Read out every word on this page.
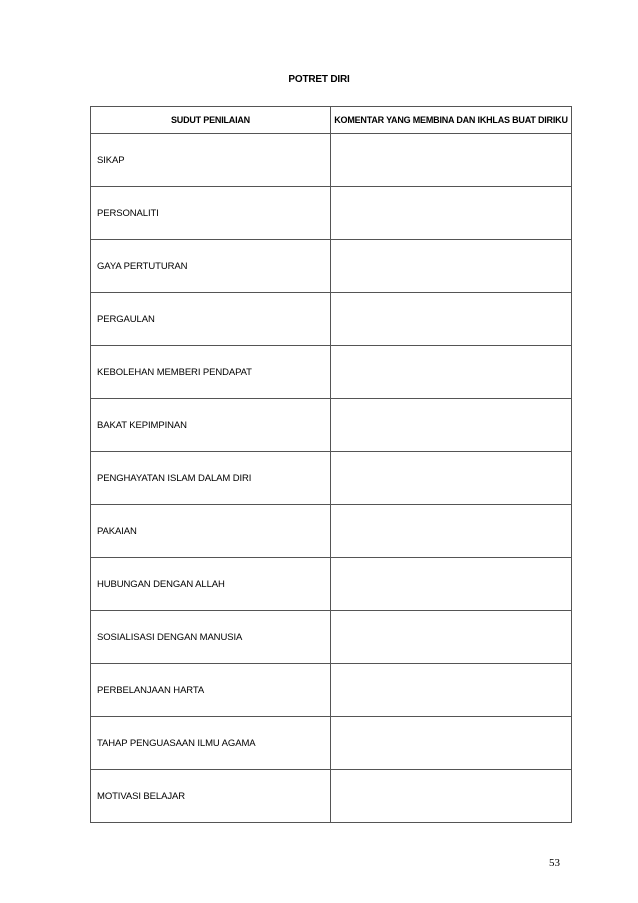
POTRET DIRI
SUDUT PENILAIAN	KOMENTAR YANG MEMBINA DAN IKHLAS BUAT DIRIKU
SIKAP	
PERSONALITI	
GAYA PERTUTURAN	
PERGAULAN	
KEBOLEHAN MEMBERI PENDAPAT	
BAKAT KEPIMPINAN	
PENGHAYATAN ISLAM DALAM DIRI	
PAKAIAN	
HUBUNGAN DENGAN ALLAH	
SOSIALISASI DENGAN MANUSIA	
PERBELANJAAN HARTA	
TAHAP PENGUASAAN ILMU AGAMA	
MOTIVASI BELAJAR	
53
